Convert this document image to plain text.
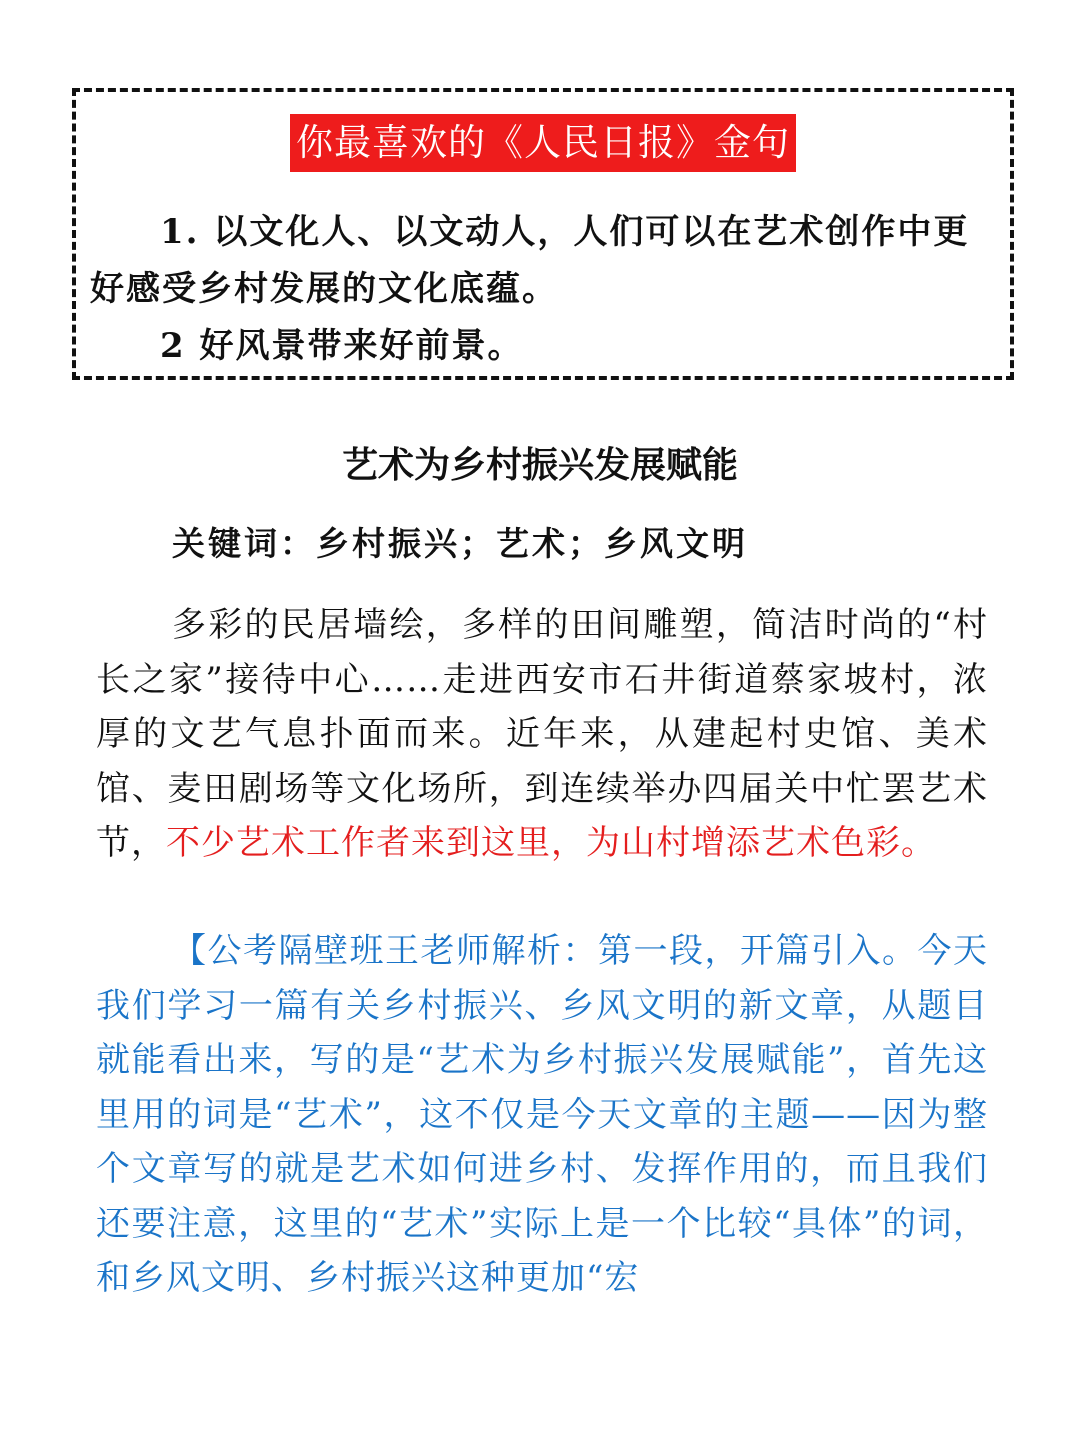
你最喜欢的《人民日报》金句

1. 以文化人、以文动人，人们可以在艺术创作中更好感受乡村发展的文化底蕴。

2 好风景带来好前景。

艺术为乡村振兴发展赋能

关键词：乡村振兴；艺术；乡风文明

多彩的民居墙绘，多样的田间雕塑，简洁时尚的“村长之家”接待中心……走进西安市石井街道蔡家坡村，浓厚的文艺气息扑面而来。近年来，从建起村史馆、美术馆、麦田剧场等文化场所，到连续举办四届关中忙罢艺术节，不少艺术工作者来到这里，为山村增添艺术色彩。

【公考隔壁班王老师解析：第一段，开篇引入。今天我们学习一篇有关乡村振兴、乡风文明的新文章，从题目就能看出来，写的是“艺术为乡村振兴发展赋能”，首先这里用的词是“艺术”，这不仅是今天文章的主题——因为整个文章写的就是艺术如何进乡村、发挥作用的，而且我们还要注意，这里的“艺术”实际上是一个比较“具体”的词，和乡风文明、乡村振兴这种更加“宏
